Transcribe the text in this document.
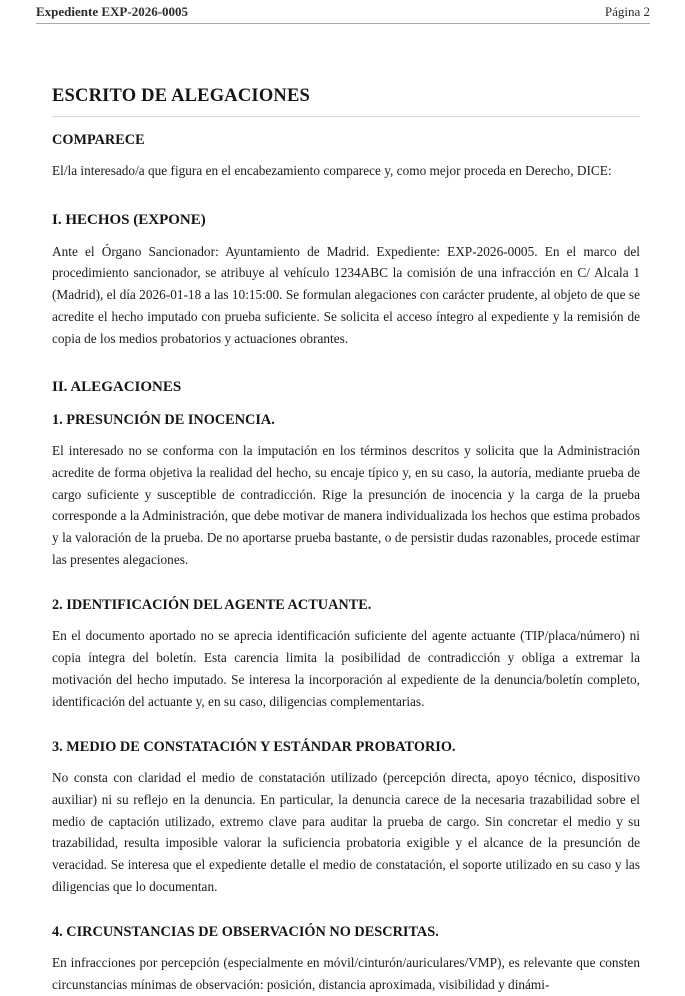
Expediente EXP-2026-0005	Página 2
ESCRITO DE ALEGACIONES
COMPARECE

El/la interesado/a que figura en el encabezamiento comparece y, como mejor proceda en Derecho, DICE:

I. HECHOS (EXPONE)

Ante el Órgano Sancionador: Ayuntamiento de Madrid. Expediente: EXP-2026-0005. En el marco del procedimiento sancionador, se atribuye al vehículo 1234ABC la comisión de una infracción en C/ Alcala 1 (Madrid), el día 2026-01-18 a las 10:15:00. Se formulan alegaciones con carácter prudente, al objeto de que se acredite el hecho imputado con prueba suficiente. Se solicita el acceso íntegro al expediente y la remisión de copia de los medios probatorios y actuaciones obrantes.

II. ALEGACIONES
1. PRESUNCIÓN DE INOCENCIA.

El interesado no se conforma con la imputación en los términos descritos y solicita que la Administración acredite de forma objetiva la realidad del hecho, su encaje típico y, en su caso, la autoría, mediante prueba de cargo suficiente y susceptible de contradicción. Rige la presunción de inocencia y la carga de la prueba corresponde a la Administración, que debe motivar de manera individualizada los hechos que estima probados y la valoración de la prueba. De no aportarse prueba bastante, o de persistir dudas razonables, procede estimar las presentes alegaciones.

2. IDENTIFICACIÓN DEL AGENTE ACTUANTE.

En el documento aportado no se aprecia identificación suficiente del agente actuante (TIP/placa/número) ni copia íntegra del boletín. Esta carencia limita la posibilidad de contradicción y obliga a extremar la motivación del hecho imputado. Se interesa la incorporación al expediente de la denuncia/boletín completo, identificación del actuante y, en su caso, diligencias complementarias.

3. MEDIO DE CONSTATACIÓN Y ESTÁNDAR PROBATORIO.

No consta con claridad el medio de constatación utilizado (percepción directa, apoyo técnico, dispositivo auxiliar) ni su reflejo en la denuncia. En particular, la denuncia carece de la necesaria trazabilidad sobre el medio de captación utilizado, extremo clave para auditar la prueba de cargo. Sin concretar el medio y su trazabilidad, resulta imposible valorar la suficiencia probatoria exigible y el alcance de la presunción de veracidad. Se interesa que el expediente detalle el medio de constatación, el soporte utilizado en su caso y las diligencias que lo documentan.

4. CIRCUNSTANCIAS DE OBSERVACIÓN NO DESCRITAS.

En infracciones por percepción (especialmente en móvil/cinturón/auriculares/VMP), es relevante que consten circunstancias mínimas de observación: posición, distancia aproximada, visibilidad y dinámi-
